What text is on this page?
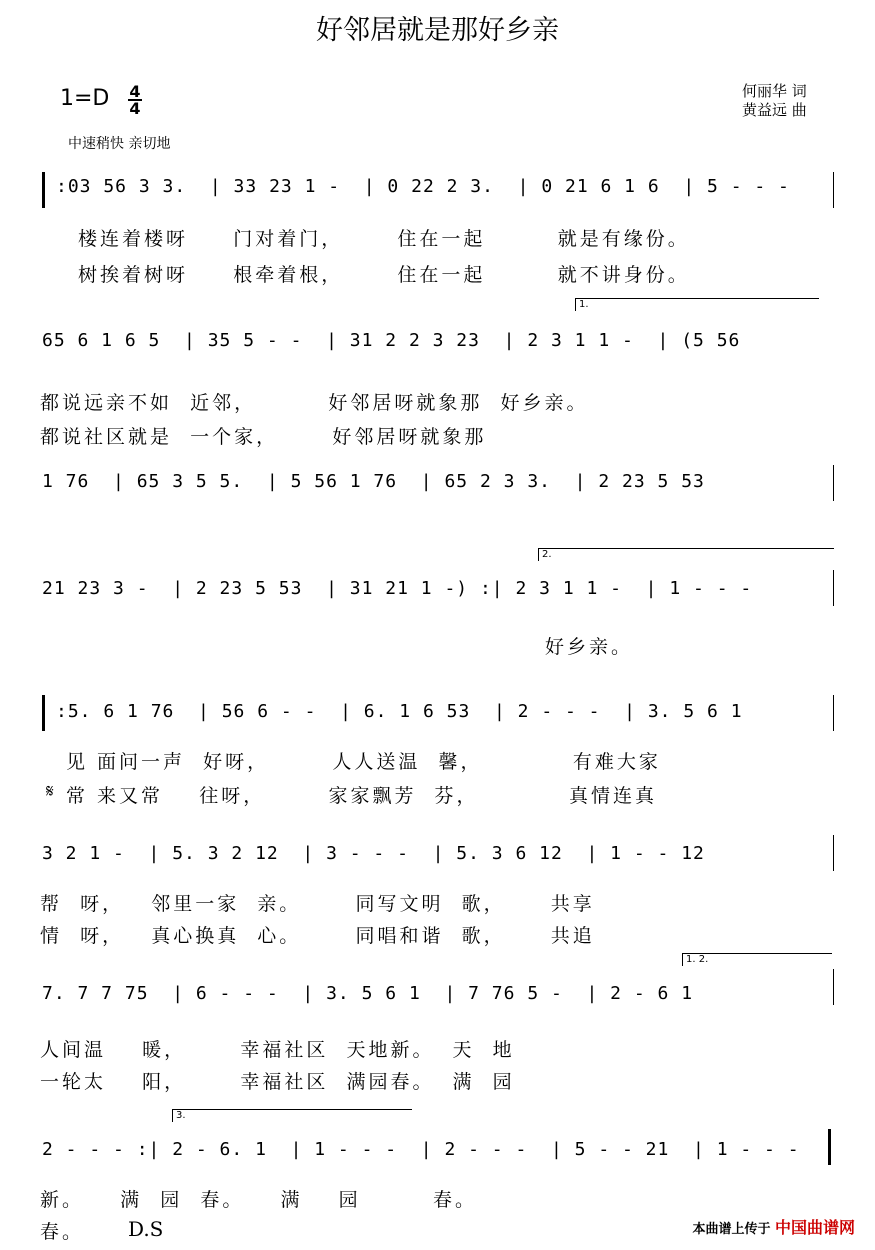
好邻居就是那好乡亲
1=D 4
4
何丽华 词
黄益远 曲
中速稍快 亲切地
:03 56 3 3.  | 33 23 1 -  | 0 22 2 3.  | 0 21 6 1 6  | 5 - - -
楼连着楼呀     门对着门，      住在一起        就是有缘份。
树挨着树呀     根牵着根，      住在一起        就不讲身份。
1.
65 6 1 6 5  | 35 5 - -  | 31 2 2 3 23  | 2 3 1 1 -  | (5 56
都说远亲不如  近邻，        好邻居呀就象那  好乡亲。
都说社区就是  一个家，      好邻居呀就象那
1 76  | 65 3 5 5.  | 5 56 1 76  | 65 2 3 3.  | 2 23 5 53
2.
21 23 3 -  | 2 23 5 53  | 31 21 1 -) :| 2 3 1 1 -  | 1 - - -
好乡亲。
:5. 6 1 76  | 56 6 - -  | 6. 1 6 53  | 2 - - -  | 3. 5 6 1
见 面问一声  好呀，       人人送温  馨，          有难大家
𝄋 常 来又常    往呀，       家家飘芳  芬，          真情连真
3 2 1 -  | 5. 3 2 12  | 3 - - -  | 5. 3 6 12  | 1 - - 12
帮  呀，   邻里一家  亲。      同写文明  歌，     共享
情  呀，   真心换真  心。      同唱和谐  歌，     共追
1. 2.
7. 7 7 75  | 6 - - -  | 3. 5 6 1  | 7 76 5 -  | 2 - 6 1
人间温    暖，      幸福社区  天地新。  天  地
一轮太    阳，      幸福社区  满园春。  满  园
3.
2 - - - :| 2 - 6. 1  | 1 - - -  | 2 - - -  | 5 - - 21  | 1 - - -
新。    满  园  春。    满    园        春。
春。 D.S	本曲谱上传于 中国曲谱网
